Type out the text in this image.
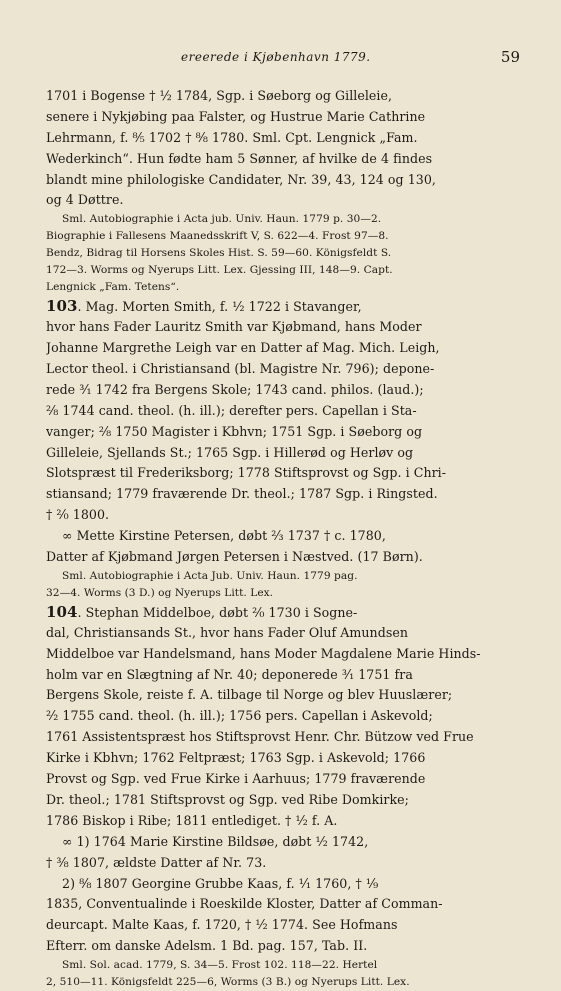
ereerede i Kjøbenhavn 1779.	59
1701 i Bogense † ½ 1784, Sgp. i Søeborg og Gilleleie,
senere i Nykjøbing paa Falster, og Hustrue Marie Cathrine
Lehrmann, f. ⁸⁄₅ 1702 † ⁸⁄₈ 1780. Sml. Cpt. Lengnick „Fam.
Wederkinch“. Hun fødte ham 5 Sønner, af hvilke de 4 findes
blandt mine philologiske Candidater, Nr. 39, 43, 124 og 130,
og 4 Døttre.
Sml. Autobiographie i Acta jub. Univ. Haun. 1779 p. 30—2.
Biographie i Fallesens Maanedsskrift V, S. 622—4. Frost 97—8.
Bendz, Bidrag til Horsens Skoles Hist. S. 59—60. Königsfeldt S.
172—3. Worms og Nyerups Litt. Lex. Gjessing III, 148—9. Capt.
Lengnick „Fam. Tetens“.
103. Mag. Morten Smith, f. ¹⁄₂ 1722 i Stavanger,
hvor hans Fader Lauritz Smith var Kjøbmand, hans Moder
Johanne Margrethe Leigh var en Datter af Mag. Mich. Leigh,
Lector theol. i Christiansand (bl. Magistre Nr. 796); depone-
rede ³⁄₁ 1742 fra Bergens Skole; 1743 cand. philos. (laud.);
²⁄₈ 1744 cand. theol. (h. ill.); derefter pers. Capellan i Sta-
vanger; ²⁄₈ 1750 Magister i Kbhvn; 1751 Sgp. i Søeborg og
Gilleleie, Sjellands St.; 1765 Sgp. i Hillerød og Herløv og
Slotspræst til Frederiksborg; 1778 Stiftsprovst og Sgp. i Chri-
stiansand; 1779 fraværende Dr. theol.; 1787 Sgp. i Ringsted.
† ²⁄₀ 1800.
∞ Mette Kirstine Petersen, døbt ²⁄₃ 1737 † c. 1780,
Datter af Kjøbmand Jørgen Petersen i Næstved. (17 Børn).
Sml. Autobiographie i Acta Jub. Univ. Haun. 1779 pag.
32—4. Worms (3 D.) og Nyerups Litt. Lex.
104. Stephan Middelboe, døbt ²⁄₀ 1730 i Sogne-
dal, Christiansands St., hvor hans Fader Oluf Amundsen
Middelboe var Handelsmand, hans Moder Magdalene Marie Hinds-
holm var en Slægtning af Nr. 40; deponerede ³⁄₁ 1751 fra
Bergens Skole, reiste f. A. tilbage til Norge og blev Huuslærer;
²⁄₂ 1755 cand. theol. (h. ill.); 1756 pers. Capellan i Askevold;
1761 Assistentspræst hos Stiftsprovst Henr. Chr. Bützow ved Frue
Kirke i Kbhvn; 1762 Feltpræst; 1763 Sgp. i Askevold; 1766
Provst og Sgp. ved Frue Kirke i Aarhuus; 1779 fraværende
Dr. theol.; 1781 Stiftsprovst og Sgp. ved Ribe Domkirke;
1786 Biskop i Ribe; 1811 entlediget. † ¹⁄₂ f. A.
∞ 1) 1764 Marie Kirstine Bildsøe, døbt ¹⁄₂ 1742,
† ³⁄₈ 1807, ældste Datter af Nr. 73.
2) ⁸⁄₈ 1807 Georgine Grubbe Kaas, f. ¹⁄₁ 1760, † ¹⁄₉
1835, Conventualinde i Roeskilde Kloster, Datter af Comman-
deurcapt. Malte Kaas, f. 1720, † ¹⁄₂ 1774. See Hofmans
Efterr. om danske Adelsm. 1 Bd. pag. 157, Tab. II.
Sml. Sol. acad. 1779, S. 34—5. Frost 102. 118—22. Hertel
2, 510—11. Königsfeldt 225—6, Worms (3 B.) og Nyerups Litt. Lex.
